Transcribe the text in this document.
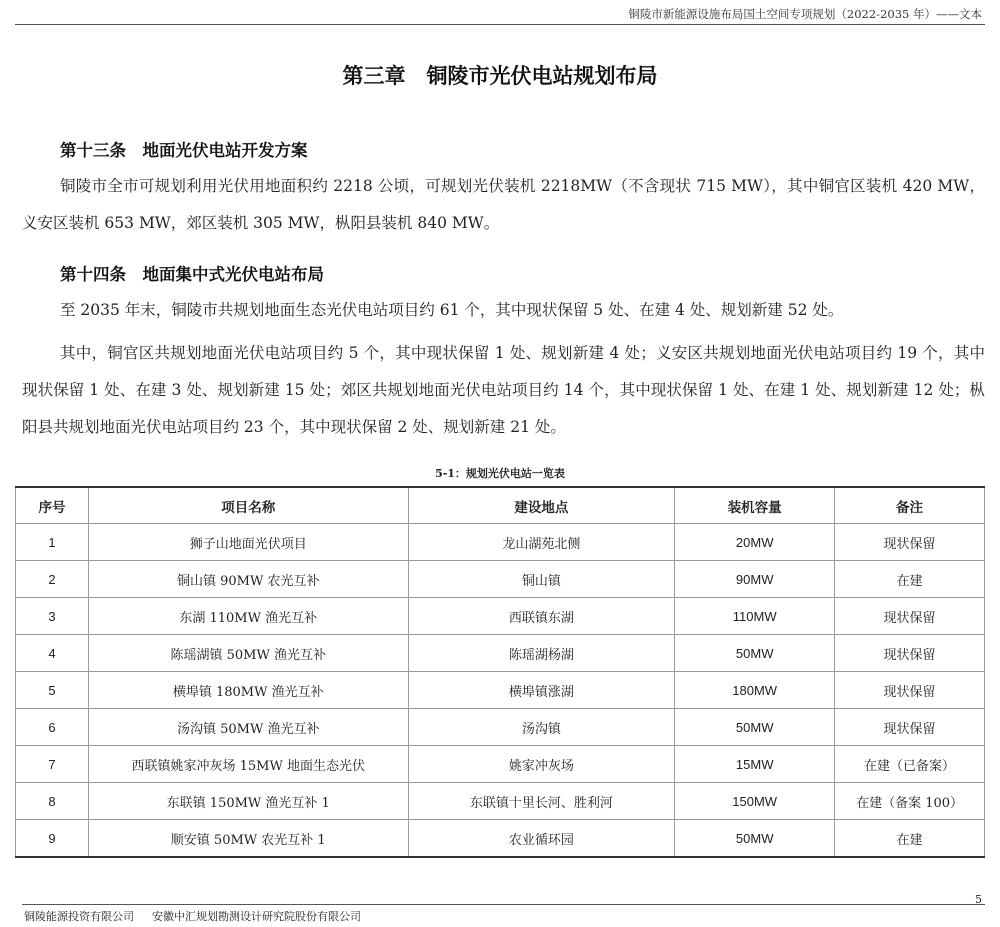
铜陵市新能源设施布局国土空间专项规划（2022-2035 年）——文本
第三章　铜陵市光伏电站规划布局
第十三条　地面光伏电站开发方案
铜陵市全市可规划利用光伏用地面积约 2218 公顷，可规划光伏装机 2218MW（不含现状 715 MW），其中铜官区装机 420 MW，义安区装机 653 MW，郊区装机 305 MW，枞阳县装机 840 MW。
第十四条　地面集中式光伏电站布局
至 2035 年末，铜陵市共规划地面生态光伏电站项目约 61 个，其中现状保留 5 处、在建 4 处、规划新建 52 处。
其中，铜官区共规划地面光伏电站项目约 5 个，其中现状保留 1 处、规划新建 4 处；义安区共规划地面光伏电站项目约 19 个，其中现状保留 1 处、在建 3 处、规划新建 15 处；郊区共规划地面光伏电站项目约 14 个，其中现状保留 1 处、在建 1 处、规划新建 12 处；枞阳县共规划地面光伏电站项目约 23 个，其中现状保留 2 处、规划新建 21 处。
5-1：规划光伏电站一览表
序号	项目名称	建设地点	装机容量	备注
1	狮子山地面光伏项目	龙山湖苑北侧	20MW	现状保留
2	铜山镇 90MW 农光互补	铜山镇	90MW	在建
3	东湖 110MW 渔光互补	西联镇东湖	110MW	现状保留
4	陈瑶湖镇 50MW 渔光互补	陈瑶湖杨湖	50MW	现状保留
5	横埠镇 180MW 渔光互补	横埠镇涨湖	180MW	现状保留
6	汤沟镇 50MW 渔光互补	汤沟镇	50MW	现状保留
7	西联镇姚家冲灰场 15MW 地面生态光伏	姚家冲灰场	15MW	在建（已备案）
8	东联镇 150MW 渔光互补 1	东联镇十里长河、胜利河	150MW	在建（备案 100）
9	顺安镇 50MW 农光互补 1	农业循环园	50MW	在建
5
铜陵能源投资有限公司 安徽中汇规划勘测设计研究院股份有限公司
